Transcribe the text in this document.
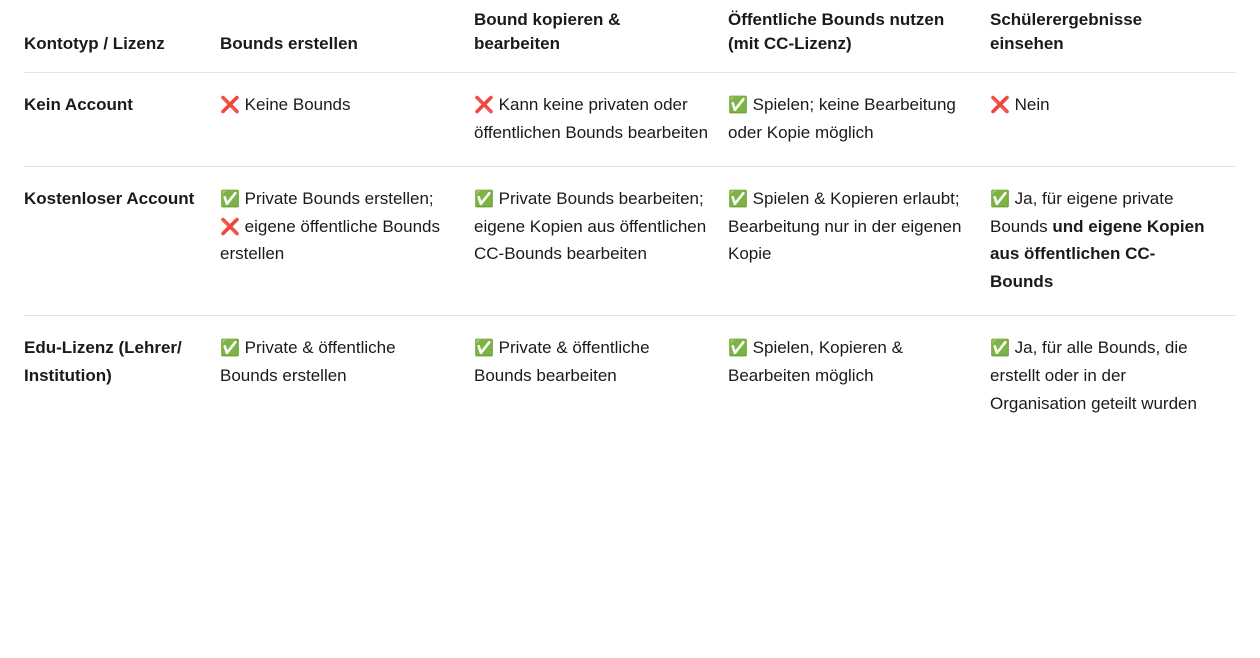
Kontotyp / Lizenz	Bounds erstellen	Bound kopieren & bearbeiten	Öffentliche Bounds nutzen (mit CC-Lizenz)	Schülerergebnisse einsehen
Kein Account	❌ Keine Bounds	❌ Kann keine privaten oder öffentlichen Bounds bearbeiten	✅ Spielen; keine Bearbeitung oder Kopie möglich	❌ Nein
Kostenloser Account	✅ Private Bounds erstellen; ❌ eigene öffentliche Bounds erstellen	✅ Private Bounds bearbeiten; eigene Kopien aus öffentlichen CC-Bounds bearbeiten	✅ Spielen & Kopieren erlaubt; Bearbeitung nur in der eigenen Kopie	✅ Ja, für eigene private Bounds und eigene Kopien aus öffentlichen CC-Bounds
Edu-Lizenz (Lehrer/ Institution)	✅ Private & öffentliche Bounds erstellen	✅ Private & öffentliche Bounds bearbeiten	✅ Spielen, Kopieren & Bearbeiten möglich	✅ Ja, für alle Bounds, die erstellt oder in der Organisation geteilt wurden
